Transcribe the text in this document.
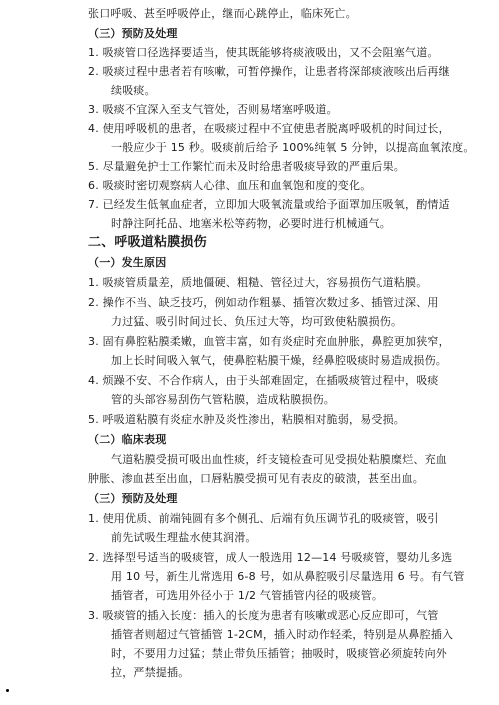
张口呼吸、甚至呼吸停止，继而心跳停止，临床死亡。
（三）预防及处理
1. 吸痰管口径选择要适当，使其既能够将痰液吸出，又不会阻塞气道。
2. 吸痰过程中患者若有咳嗽，可暂停操作，让患者将深部痰液咳出后再继
续吸痰。
3. 吸痰不宜深入至支气管处，否则易堵塞呼吸道。
4. 使用呼吸机的患者，在吸痰过程中不宜使患者脱离呼吸机的时间过长，
一般应少于 15 秒。吸痰前后给予 100%纯氧 5 分钟，以提高血氧浓度。
5. 尽量避免护士工作繁忙而未及时给患者吸痰导致的严重后果。
6. 吸痰时密切观察病人心律、血压和血氧饱和度的变化。
7. 已经发生低氧血症者，立即加大吸氧流量或给予面罩加压吸氧，酌情适
时静注阿托品、地塞米松等药物，必要时进行机械通气。
二、呼吸道粘膜损伤
（一）发生原因
1. 吸痰管质量差，质地僵硬、粗糙、管径过大，容易损伤气道粘膜。
2. 操作不当、缺乏技巧，例如动作粗暴、插管次数过多、插管过深、用
力过猛、吸引时间过长、负压过大等，均可致使粘膜损伤。
3. 固有鼻腔粘膜柔嫩，血管丰富，如有炎症时充血肿胀，鼻腔更加狭窄，
加上长时间吸入氧气，使鼻腔粘膜干燥，经鼻腔吸痰时易造成损伤。
4. 烦躁不安、不合作病人，由于头部难固定，在插吸痰管过程中，吸痰
管的头部容易刮伤气管粘膜，造成粘膜损伤。
5. 呼吸道粘膜有炎症水肿及炎性渗出，粘膜相对脆弱，易受损。
（二）临床表现
气道粘膜受损可吸出血性痰，纤支镜检查可见受损处粘膜糜烂、充血
肿胀、渗血甚至出血，口唇粘膜受损可见有表皮的破溃，甚至出血。
（三）预防及处理
1. 使用优质、前端钝圆有多个侧孔、后端有负压调节孔的吸痰管，吸引
前先试吸生理盐水使其润滑。
2. 选择型号适当的吸痰管，成人一般选用 12—14 号吸痰管，婴幼儿多选
用 10 号，新生儿常选用 6-8 号，如从鼻腔吸引尽量选用 6 号。有气管
插管者，可选用外径小于 1/2 气管插管内径的吸痰管。
3. 吸痰管的插入长度：插入的长度为患者有咳嗽或恶心反应即可，气管
插管者则超过气管插管 1-2CM，插入时动作轻柔，特别是从鼻腔插入
时，不要用力过猛；禁止带负压插管；抽吸时，吸痰管必须旋转向外
拉，严禁提插。
